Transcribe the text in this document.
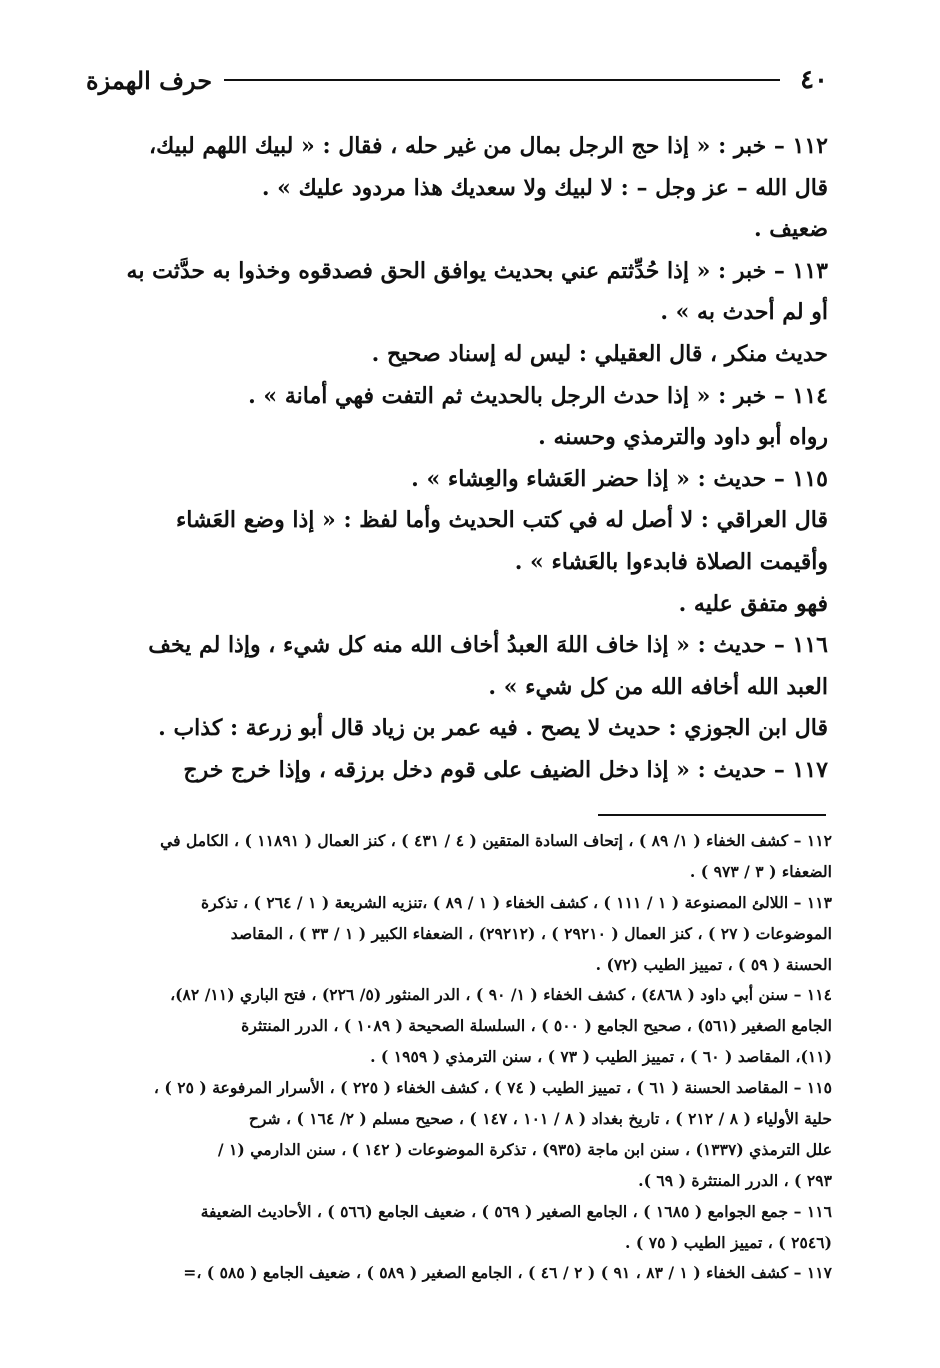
٤٠
حرف الهمزة
١١٢ – خبر : « إذا حج الرجل بمال من غير حله ، فقال : « لبيك اللهم لبيك،
قال الله – عز وجل – : لا لبيك ولا سعديك هذا مردود عليك » .
ضعيف .
١١٣ – خبر : « إذا حُدِّثتم عني بحديث يوافق الحق فصدقوه وخذوا به حدَّثت به
أو لم أحدث به » .
حديث منكر ، قال العقيلي : ليس له إسناد صحيح .
١١٤ – خبر : « إذا حدث الرجل بالحديث ثم التفت فهي أمانة » .
رواه أبو داود والترمذي وحسنه .
١١٥ – حديث : « إذا حضر العَشاء والعِشاء » .
قال العراقي : لا أصل له في كتب الحديث وأما لفظ : « إذا وضع العَشاء
وأقيمت الصلاة فابدءوا بالعَشاء » .
فهو متفق عليه .
١١٦ – حديث : « إذا خاف اللهَ العبدُ أخاف الله منه كل شيء ، وإذا لم يخف
العبد الله أخافه الله من كل شيء » .
قال ابن الجوزي : حديث لا يصح . فيه عمر بن زياد قال أبو زرعة : كذاب .
١١٧ – حديث : « إذا دخل الضيف على قوم دخل برزقه ، وإذا خرج خرج
١١٢ – كشف الخفاء ( ١/ ٨٩ ) ، إتحاف السادة المتقين ( ٤ / ٤٣١ ) ، كنز العمال ( ١١٨٩١ ) ، الكامل في
الضعفاء ( ٣ / ٩٧٣ ) .
١١٣ – اللالئ المصنوعة ( ١ / ١١١ ) ، كشف الخفاء ( ١ / ٨٩ ) ،تنزيه الشريعة ( ١ / ٢٦٤ ) ، تذكرة
الموضوعات ( ٢٧ ) ، كنز العمال ( ٢٩٢١٠ ) ، (٢٩٢١٢) ، الضعفاء الكبير ( ١ / ٣٣ ) ، المقاصد
الحسنة ( ٥٩ ) ، تمييز الطيب (٧٢) .
١١٤ – سنن أبي داود ( ٤٨٦٨) ، كشف الخفاء ( ١/ ٩٠ ) ، الدر المنثور (٥/ ٢٢٦) ، فتح الباري (١١/ ٨٢)،
الجامع الصغير (٥٦١) ، صحيح الجامع ( ٥٠٠ ) ، السلسلة الصحيحة ( ١٠٨٩ ) ، الدرر المنتثرة
(١١)، المقاصد ( ٦٠ ) ، تمييز الطيب ( ٧٣ ) ، سنن الترمذي ( ١٩٥٩ ) .
١١٥ – المقاصد الحسنة ( ٦١ ) ، تمييز الطيب ( ٧٤ ) ، كشف الخفاء ( ٢٢٥ ) ، الأسرار المرفوعة ( ٢٥ ) ،
حلية الأولياء ( ٨ / ٢١٢ ) ، تاريخ بغداد ( ٨ / ١٠١ ، ١٤٧ ) ، صحيح مسلم ( ٢/ ١٦٤ ) ، شرح
علل الترمذي (١٣٣٧) ، سنن ابن ماجة (٩٣٥) ، تذكرة الموضوعات ( ١٤٢ ) ، سنن الدارمي (١ /
٢٩٣ ) ، الدرر المنتثرة ( ٦٩ ).
١١٦ – جمع الجوامع ( ١٦٨٥ ) ، الجامع الصغير ( ٥٦٩ ) ، ضعيف الجامع (٥٦٦ ) ، الأحاديث الضعيفة
(٢٥٤٦ ) ، تمييز الطيب ( ٧٥ ) .
١١٧ – كشف الخفاء ( ١ / ٨٣ ، ٩١ ) ( ٢ / ٤٦ ) ، الجامع الصغير ( ٥٨٩ ) ، ضعيف الجامع ( ٥٨٥ ) ،=
